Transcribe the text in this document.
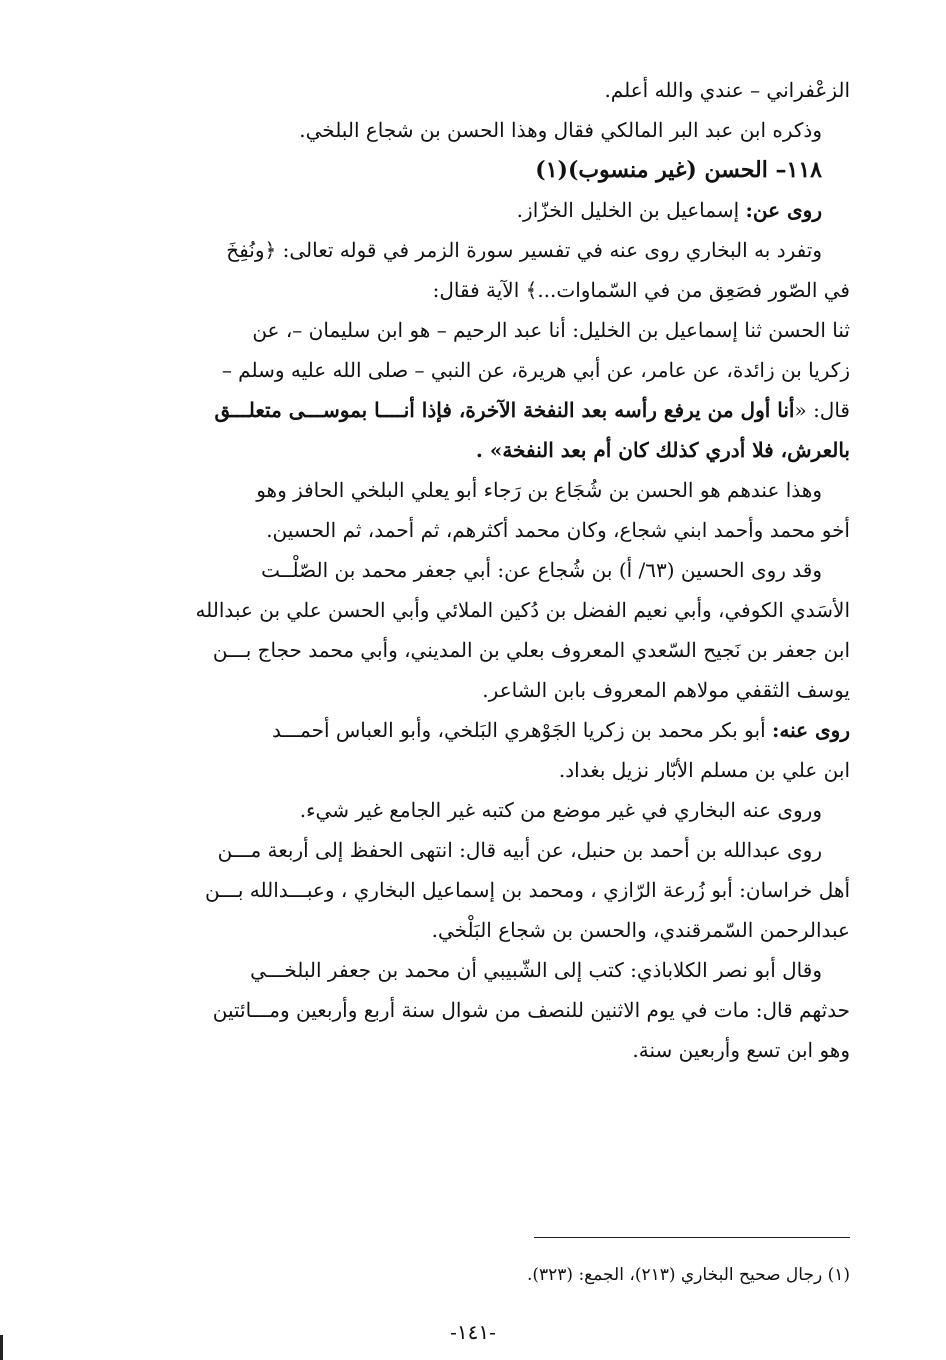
الزعْفراني – عندي والله أعلم.
وذكره ابن عبد البر المالكي فقال وهذا الحسن بن شجاع البلخي.
١١٨– الحسن (غير منسوب)(١)
روى عن: إسماعيل بن الخليل الخزّاز.
وتفرد به البخاري روى عنه في تفسير سورة الزمر في قوله تعالى: ﴿ونُفِخَ
في الصّور فصَعِق من في السّماوات...﴾ الآية فقال:
ثنا الحسن ثنا إسماعيل بن الخليل: أنا عبد الرحيم – هو ابن سليمان –، عن
زكريا بن زائدة، عن عامر، عن أبي هريرة، عن النبي – صلى الله عليه وسلم –
قال: «أنا أول من يرفع رأسه بعد النفخة الآخرة، فإذا أنــــا بموســـى متعلـــق
بالعرش، فلا أدري كذلك كان أم بعد النفخة» .
وهذا عندهم هو الحسن بن شُجَاع بن رَجاء أبو يعلي البلخي الحافز وهو
أخو محمد وأحمد ابني شجاع، وكان محمد أكثرهم، ثم أحمد، ثم الحسين.
وقد روى الحسين (٦٣/ أ) بن شُجاع عن: أبي جعفر محمد بن الصّلْــت
الأسَدي الكوفي، وأبي نعيم الفضل بن دُكين الملائي وأبي الحسن علي بن عبدالله
ابن جعفر بن نَجيح السّعدي المعروف بعلي بن المديني، وأبي محمد حجاج بـــن
يوسف الثقفي مولاهم المعروف بابن الشاعر.
روى عنه: أبو بكر محمد بن زكريا الجَوْهري البَلخي، وأبو العباس أحمـــد
ابن علي بن مسلم الأبّار نزيل بغداد.
وروى عنه البخاري في غير موضع من كتبه غير الجامع غير شيء.
روى عبدالله بن أحمد بن حنبل، عن أبيه قال: انتهى الحفظ إلى أربعة مـــن
أهل خراسان: أبو زُرعة الرّازي ، ومحمد بن إسماعيل البخاري ، وعبـــدالله بـــن
عبدالرحمن السّمرقندي، والحسن بن شجاع البَلْخي.
وقال أبو نصر الكلاباذي: كتب إلى الشّبيبي أن محمد بن جعفر البلخـــي
حدثهم قال: مات في يوم الاثنين للنصف من شوال سنة أربع وأربعين ومـــائتين
وهو ابن تسع وأربعين سنة.
(١) رجال صحيح البخاري (٢١٣)، الجمع: (٣٢٣).
-١٤١-
